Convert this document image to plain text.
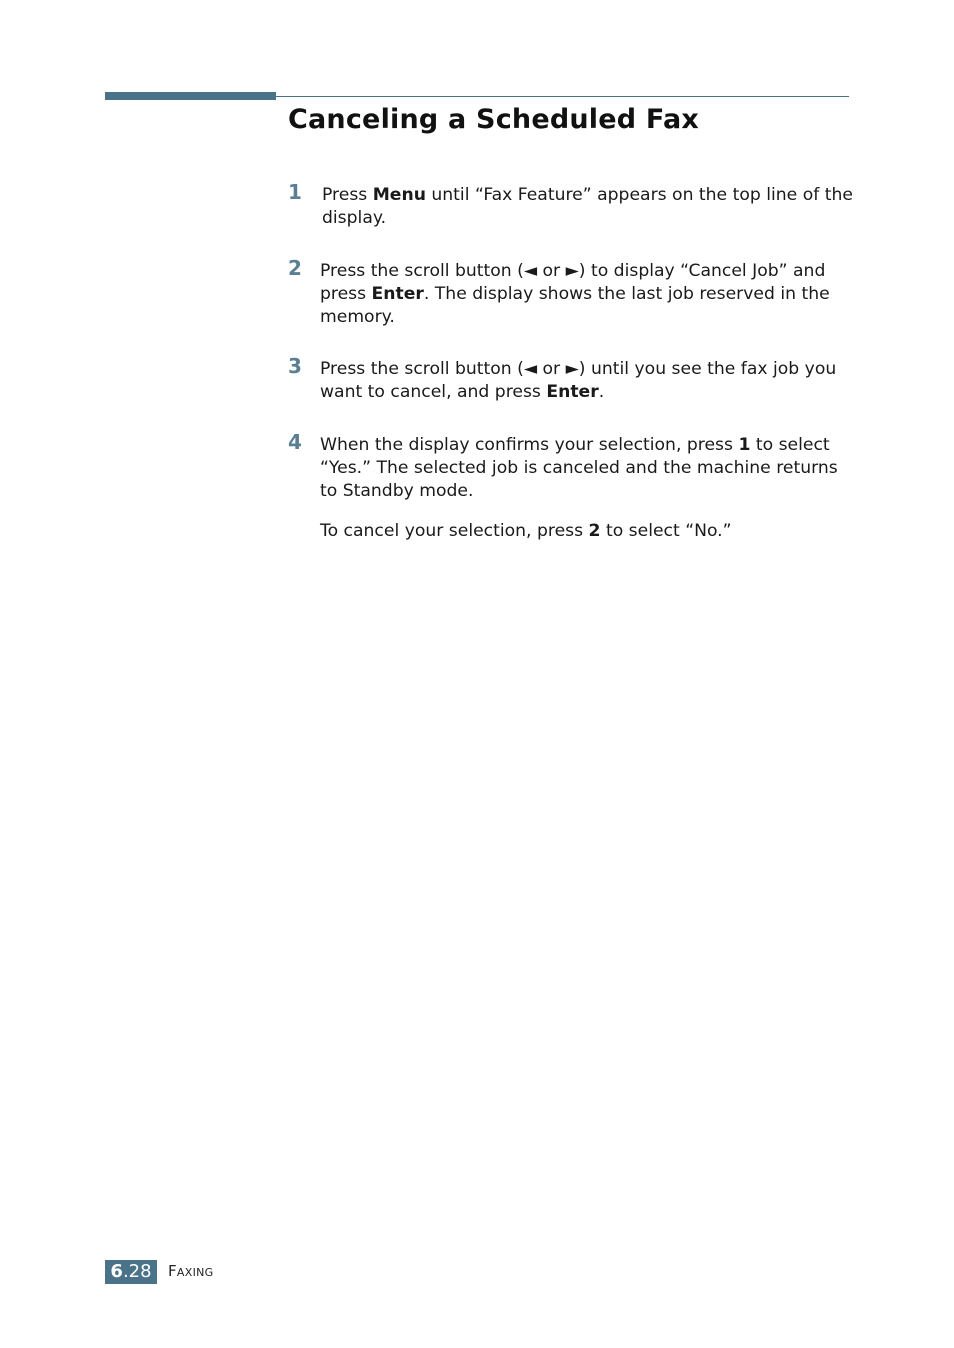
Canceling a Scheduled Fax
1 Press Menu until “Fax Feature” appears on the top line of the display.

2 Press the scroll button (◄ or ►) to display “Cancel Job” and press Enter. The display shows the last job reserved in the memory.

3 Press the scroll button (◄ or ►) until you see the fax job you want to cancel, and press Enter.

4 When the display confirms your selection, press 1 to select “Yes.” The selected job is canceled and the machine returns to Standby mode.

To cancel your selection, press 2 to select “No.”

6.28	Faxing
